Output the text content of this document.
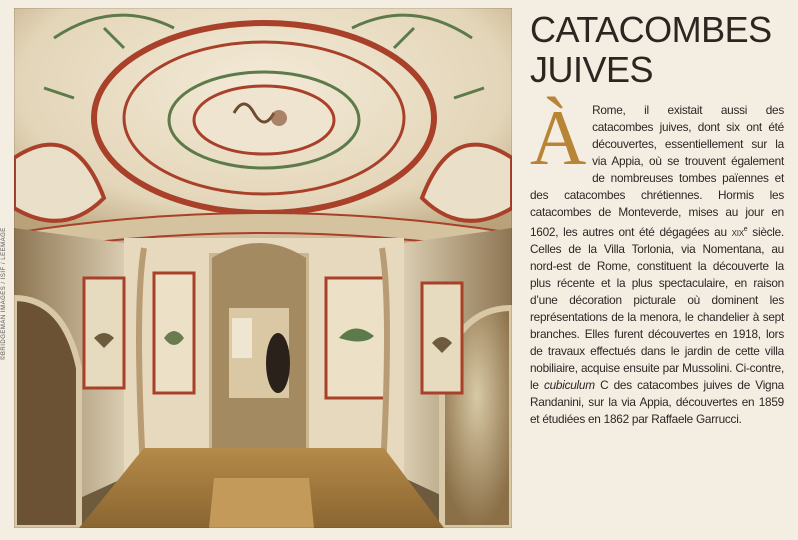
©BRIDGEMAN IMAGES / ISIF / LEEMAGE
CATACOMBES
JUIVES
À Rome, il existait aussi des catacombes juives, dont six ont été découvertes, essentiellement sur la via Appia, où se trouvent également de nombreuses tombes païennes et des catacombes chrétiennes. Hormis les catacombes de Monteverde, mises au jour en 1602, les autres ont été dégagées au xix$^e$ siècle. Celles de la Villa Torlonia, via Nomentana, au nord-est de Rome, constituent la découverte la plus récente et la plus spectaculaire, en raison d’une décoration picturale où dominent les représentations de la menora, le chandelier à sept branches. Elles furent découvertes en 1918, lors de travaux effectués dans le jardin de cette villa nobiliaire, acquise ensuite par Mussolini. Ci-contre, le cubiculum C des catacombes juives de Vigna Randanini, sur la via Appia, découvertes en 1859 et étudiées en 1862 par Raffaele Garrucci.
